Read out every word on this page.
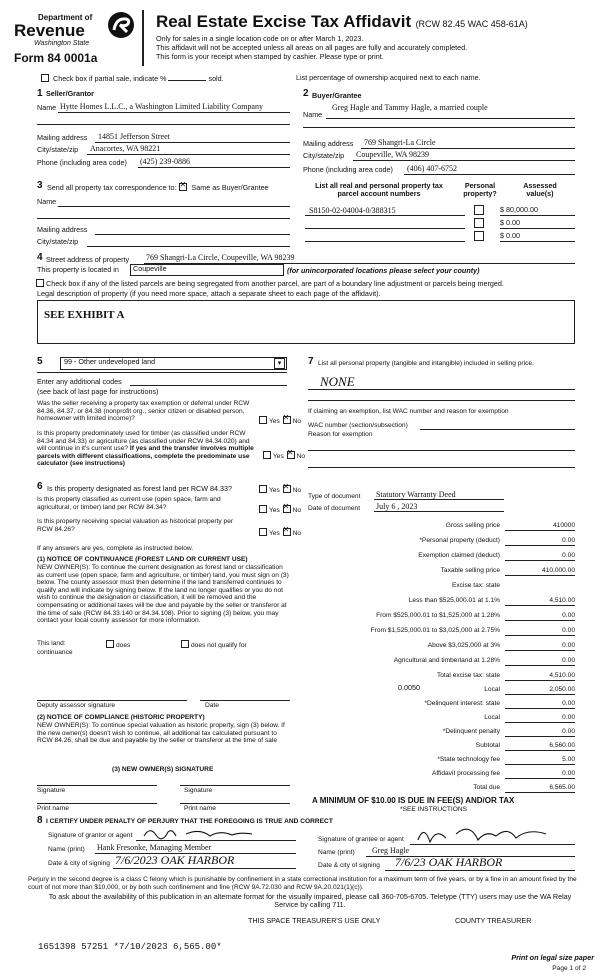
Department of
Revenue
Washington State
Form 84 0001a
Real Estate Excise Tax Affidavit (RCW 82.45 WAC 458-61A)
Only for sales in a single location code on or after March 1, 2023.
This affidavit will not be accepted unless all areas on all pages are fully and accurately completed.
This form is your receipt when stamped by cashier. Please type or print.
Check box if partial sale, indicate %	sold.	List percentage of ownership acquired next to each name.
1 Seller/Grantor
Name Hytte Homes L.L.C., a Washington Limited Liability Company
Mailing address 14851 Jefferson Street
City/state/zip Anacortes, WA 98221
Phone (including area code) (425) 239-0886
2 Buyer/Grantee
Name
Greg Hagle and Tammy Hagle, a married couple
Mailing address 769 Shangri-La Circle
City/state/zip Coupeville, WA 98239
Phone (including area code) (406) 407-6752
3 Send all property tax correspondence to: ✕ Same as Buyer/Grantee
Name
Mailing address
City/state/zip
List all real and personal property tax parcel account numbers
Personal property?
Assessed value(s)
S8150-02-04004-0/388315	$ 80,000.00
$ 0.00
$ 0.00
4 Street address of property 769 Shangri-La Circle, Coupeville, WA 98239
This property is located in	Coupeville	(for unincorporated locations please select your county)
Check box if any of the listed parcels are being segregated from another parcel, are part of a boundary line adjustment or parcels being merged.
Legal description of property (if you need more space, attach a separate sheet to each page of the affidavit).
SEE EXHIBIT A
5	99 - Other undeveloped land	▾
Enter any additional codes
(see back of last page for instructions)
Was the seller receiving a property tax exemption or deferral under RCW 84.36, 84.37, or 84.38 (nonprofit org., senior citizen or disabled person, homeowner with limited income)?	Yes ✕ No
Is this property predominately used for timber (as classified under RCW 84.34 and 84.33) or agriculture (as classified under RCW 84.34.020) and will continue in it's current use? If yes and the transfer involves multiple parcels with different classifications, complete the predominate use calculator (see instructions)
Yes ✕ No
6 Is this property designated as forest land per RCW 84.33?	Yes ✕ No
Is this property classified as current use (open space, farm and agricultural, or timber) land per RCW 84.34?	Yes ✕ No
Is this property receiving special valuation as historical property per RCW 84.26?
Yes ✕ No
If any answers are yes, complete as instructed below.
(1) NOTICE OF CONTINUANCE (FOREST LAND OR CURRENT USE)
NEW OWNER(S): To continue the current designation as forest land or classification as current use (open space, farm and agriculture, or timber) land, you must sign on (3) below. The county assessor must then determine if the land transferred continues to qualify and will indicate by signing below. If the land no longer qualifies or you do not wish to continue the designation or classification, it will be removed and the compensating or additional taxes will be due and payable by the seller or transferor at the time of sale (RCW 84.33.140 or 84.34.108). Prior to signing (3) below, you may contact your local county assessor for more information.
This land:	does	does not qualify for
continuance
Deputy assessor signature	Date
(2) NOTICE OF COMPLIANCE (HISTORIC PROPERTY)
NEW OWNER(S): To continue special valuation as historic property, sign (3) below. If the new owner(s) doesn't wish to continue, all additional tax calculated pursuant to RCW 84.26, shall be due and payable by the seller or transferor at the time of sale
(3) NEW OWNER(S) SIGNATURE
Signature	Signature
Print name	Print name
7 List all personal property (tangible and intangible) included in selling price.
NONE
If claiming an exemption, list WAC number and reason for exemption
WAC number (section/subsection)
Reason for exemption
Type of document Statutory Warranty Deed
Date of document July 6 , 2023
Gross selling price	410000
*Personal property (deduct)	0.00
Exemption claimed (deduct)	0.00
Taxable selling price	410,000.00
Excise tax: state
Less than $525,000.01 at 1.1%	4,510.00
From $525,000.01 to $1,525,000 at 1.28%	0.00
From $1,525,000.01 to $3,025,000 at 2.75%	0.00
Above $3,025,000 at 3%	0.00
Agricultural and timberland at 1.28%	0.00
Total excise tax: state	4,510.00
0.0050	Local	2,050.00
*Delinquent interest: state	0.00
Local	0.00
*Delinquent penalty	0.00
Subtotal	6,560.00
*State technology fee	5.00
Affidavit processing fee	0.00
Total due	6,565.00
A MINIMUM OF $10.00 IS DUE IN FEE(S) AND/OR TAX
*SEE INSTRUCTIONS
8 I CERTIFY UNDER PENALTY OF PERJURY THAT THE FOREGOING IS TRUE AND CORRECT
Signature of grantor or agent
Name (print) Hank Fresonke, Managing Member
Date & city of signing 7/6/2023 OAK HARBOR
Signature of grantee or agent
Name (print) Greg Hagle
Date & city of signing 7/6/23 OAK HARBOR
Perjury in the second degree is a class C felony which is punishable by confinement in a state correctional institution for a maximum term of five years, or by a fine in an amount fixed by the court of not more than $10,000, or by both such confinement and fine (RCW 9A.72.030 and RCW 9A.20.021(1)(c)).
To ask about the availability of this publication in an alternate format for the visually impaired, please call 360-705-6705. Teletype (TTY) users may use the WA Relay Service by calling 711.
THIS SPACE TREASURER'S USE ONLY	COUNTY TREASURER
1651398 57251 *7/10/2023 6,565.00*
Print on legal size paper
Page 1 of 2
